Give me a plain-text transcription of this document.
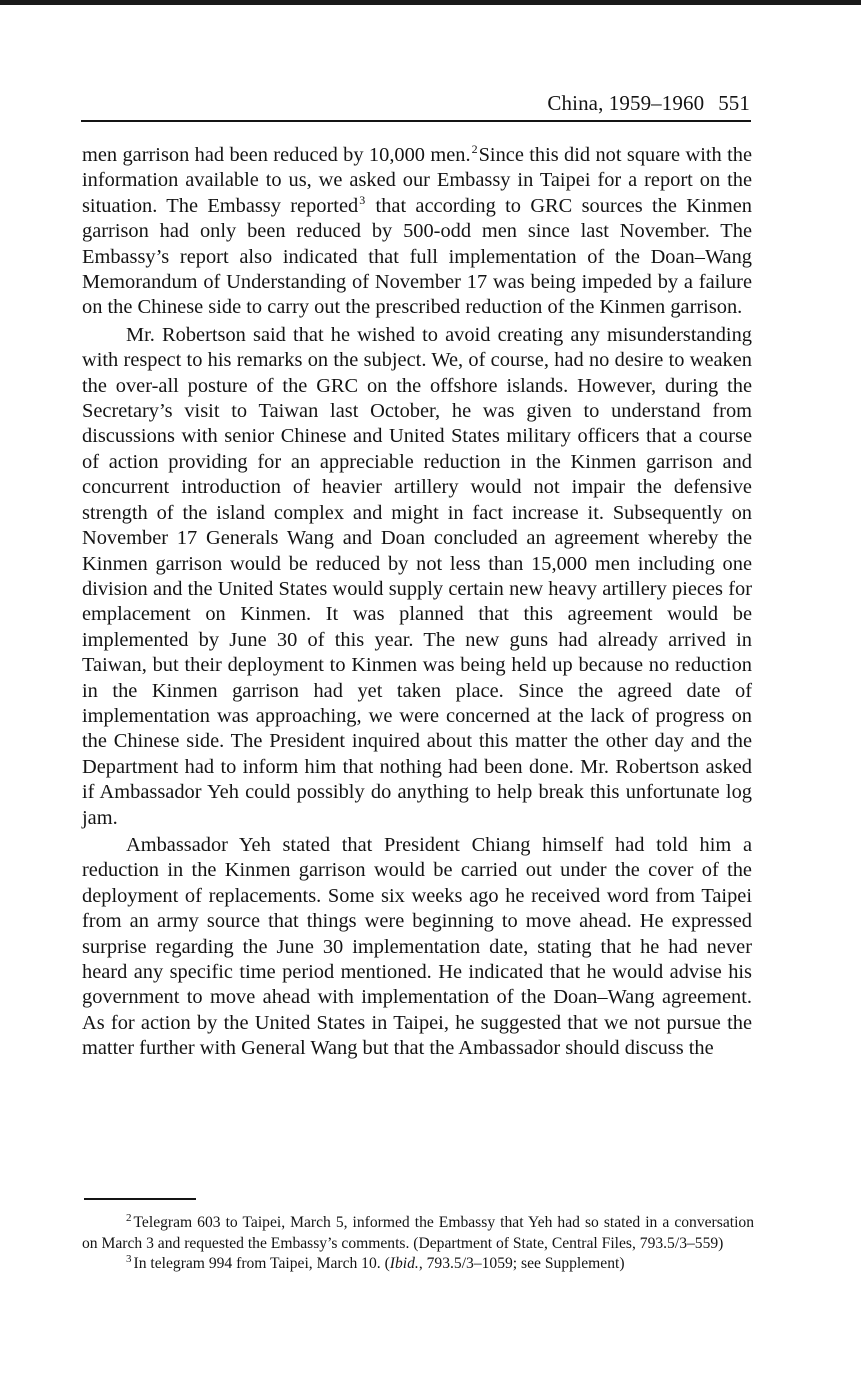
China, 1959–1960 551

men garrison had been reduced by 10,000 men.$^2$Since this did not square with the information available to us, we asked our Embassy in Taipei for a report on the situation. The Embassy reported$^3$ that according to GRC sources the Kinmen garrison had only been reduced by 500-odd men since last November. The Embassy’s report also indicated that full implementation of the Doan–Wang Memorandum of Understanding of November 17 was being impeded by a failure on the Chinese side to carry out the prescribed reduction of the Kinmen garrison.

Mr. Robertson said that he wished to avoid creating any misunderstanding with respect to his remarks on the subject. We, of course, had no desire to weaken the over-all posture of the GRC on the offshore islands. However, during the Secretary’s visit to Taiwan last October, he was given to understand from discussions with senior Chinese and United States military officers that a course of action providing for an appreciable reduction in the Kinmen garrison and concurrent introduction of heavier artillery would not impair the defensive strength of the island complex and might in fact increase it. Subsequently on November 17 Generals Wang and Doan concluded an agreement whereby the Kinmen garrison would be reduced by not less than 15,000 men including one division and the United States would supply certain new heavy artillery pieces for emplacement on Kinmen. It was planned that this agreement would be implemented by June 30 of this year. The new guns had already arrived in Taiwan, but their deployment to Kinmen was being held up because no reduction in the Kinmen garrison had yet taken place. Since the agreed date of implementation was approaching, we were concerned at the lack of progress on the Chinese side. The President inquired about this matter the other day and the Department had to inform him that nothing had been done. Mr. Robertson asked if Ambassador Yeh could possibly do anything to help break this unfortunate log jam.

Ambassador Yeh stated that President Chiang himself had told him a reduction in the Kinmen garrison would be carried out under the cover of the deployment of replacements. Some six weeks ago he received word from Taipei from an army source that things were beginning to move ahead. He expressed surprise regarding the June 30 implementation date, stating that he had never heard any specific time period mentioned. He indicated that he would advise his government to move ahead with implementation of the Doan–Wang agreement. As for action by the United States in Taipei, he suggested that we not pursue the matter further with General Wang but that the Ambassador should discuss the

$^2$ Telegram 603 to Taipei, March 5, informed the Embassy that Yeh had so stated in a conversation on March 3 and requested the Embassy’s comments. (Department of State, Central Files, 793.5/3–559)

$^3$ In telegram 994 from Taipei, March 10. (Ibid., 793.5/3–1059; see Supplement)
